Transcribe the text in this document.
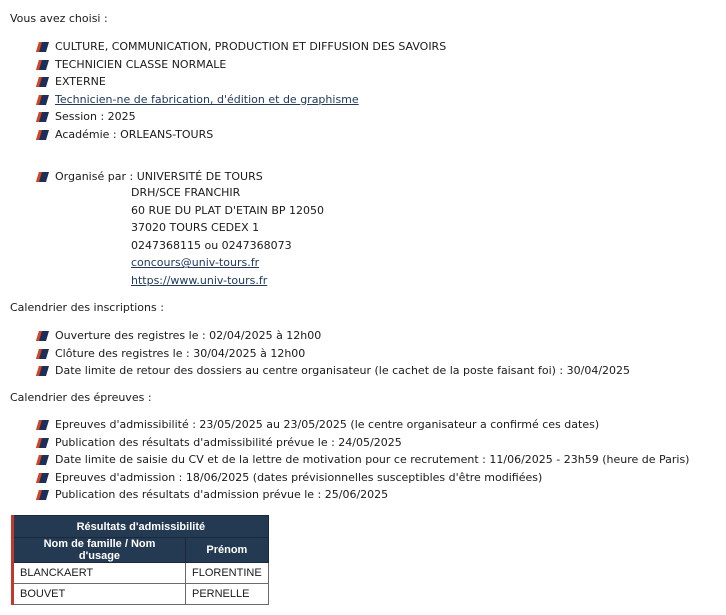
Vous avez choisi :
CULTURE, COMMUNICATION, PRODUCTION ET DIFFUSION DES SAVOIRS
TECHNICIEN CLASSE NORMALE
EXTERNE
Technicien-ne de fabrication, d'édition et de graphisme
Session : 2025
Académie : ORLEANS-TOURS
Organisé par : UNIVERSITÉ DE TOURS
DRH/SCE FRANCHIR
60 RUE DU PLAT D'ETAIN BP 12050
37020 TOURS CEDEX 1
0247368115 ou 0247368073
concours@univ-tours.fr
https://www.univ-tours.fr
Calendrier des inscriptions :
Ouverture des registres le : 02/04/2025 à 12h00
Clôture des registres le : 30/04/2025 à 12h00
Date limite de retour des dossiers au centre organisateur (le cachet de la poste faisant foi) : 30/04/2025
Calendrier des épreuves :
Epreuves d'admissibilité : 23/05/2025 au 23/05/2025 (le centre organisateur a confirmé ces dates)
Publication des résultats d'admissibilité prévue le : 24/05/2025
Date limite de saisie du CV et de la lettre de motivation pour ce recrutement : 11/06/2025 - 23h59 (heure de Paris)
Epreuves d'admission : 18/06/2025 (dates prévisionnelles susceptibles d'être modifiées)
Publication des résultats d'admission prévue le : 25/06/2025
Résultats d'admissibilité	
Nom de famille / Nom d'usage	Prénom
BLANCKAERT	FLORENTINE
BOUVET	PERNELLE
